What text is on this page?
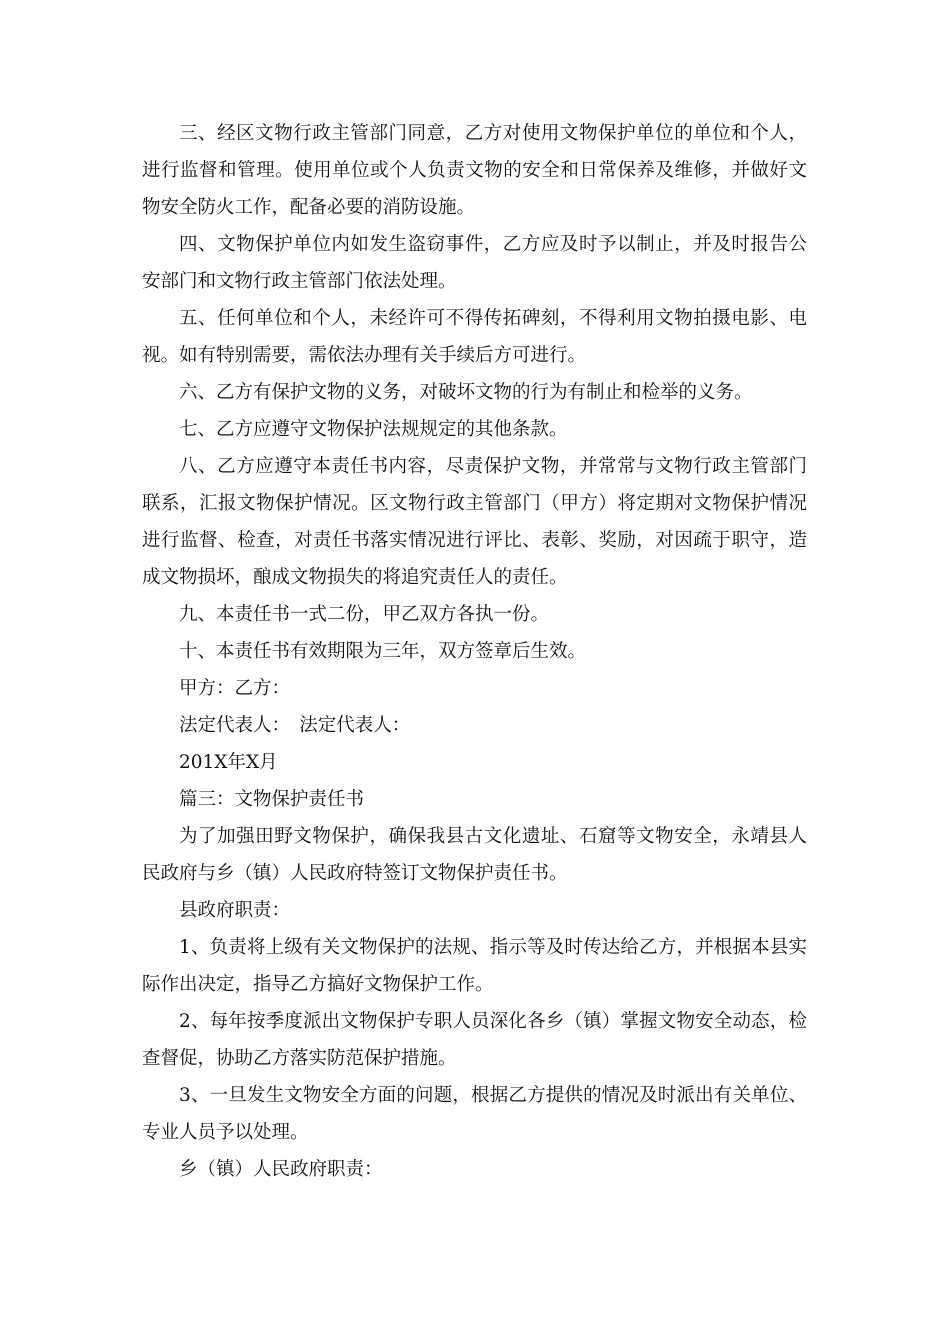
三、经区文物行政主管部门同意，乙方对使用文物保护单位的单位和个人，进行监督和管理。使用单位或个人负责文物的安全和日常保养及维修，并做好文物安全防火工作，配备必要的消防设施。

四、文物保护单位内如发生盗窃事件，乙方应及时予以制止，并及时报告公安部门和文物行政主管部门依法处理。

五、任何单位和个人，未经许可不得传拓碑刻，不得利用文物拍摄电影、电视。如有特别需要，需依法办理有关手续后方可进行。

六、乙方有保护文物的义务，对破坏文物的行为有制止和检举的义务。

七、乙方应遵守文物保护法规规定的其他条款。

八、乙方应遵守本责任书内容，尽责保护文物，并常常与文物行政主管部门联系，汇报文物保护情况。区文物行政主管部门（甲方）将定期对文物保护情况进行监督、检查，对责任书落实情况进行评比、表彰、奖励，对因疏于职守，造成文物损坏，酿成文物损失的将追究责任人的责任。

九、本责任书一式二份，甲乙双方各执一份。

十、本责任书有效期限为三年，双方签章后生效。

甲方：乙方：

法定代表人：　法定代表人：

201X年X月

篇三：文物保护责任书

为了加强田野文物保护，确保我县古文化遗址、石窟等文物安全，永靖县人民政府与乡（镇）人民政府特签订文物保护责任书。

县政府职责：

1、负责将上级有关文物保护的法规、指示等及时传达给乙方，并根据本县实际作出决定，指导乙方搞好文物保护工作。

2、每年按季度派出文物保护专职人员深化各乡（镇）掌握文物安全动态，检查督促，协助乙方落实防范保护措施。

3、一旦发生文物安全方面的问题，根据乙方提供的情况及时派出有关单位、专业人员予以处理。

乡（镇）人民政府职责：
